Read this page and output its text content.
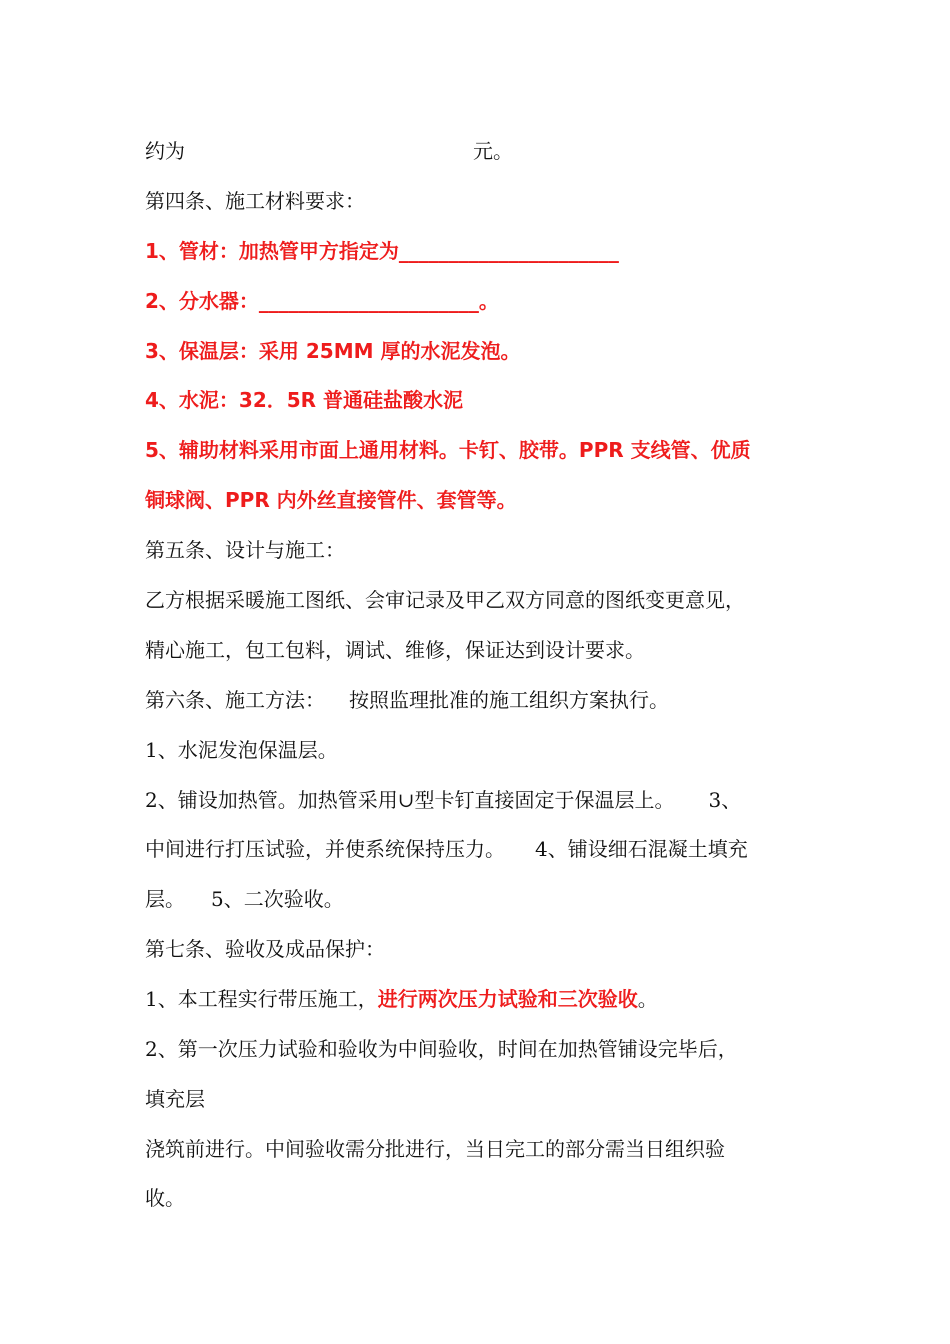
约为	元。
第四条、施工材料要求：
1、管材：加热管甲方指定为______________________
2、分水器：______________________。
3、保温层：采用 25MM 厚的水泥发泡。
4、水泥：32．5R 普通硅盐酸水泥
5、辅助材料采用市面上通用材料。卡钉、胶带。PPR 支线管、优质
铜球阀、PPR 内外丝直接管件、套管等。
第五条、设计与施工：
乙方根据采暖施工图纸、会审记录及甲乙双方同意的图纸变更意见，
精心施工，包工包料，调试、维修，保证达到设计要求。
第六条、施工方法： 按照监理批准的施工组织方案执行。
1、水泥发泡保温层。
2、铺设加热管。加热管采用∪型卡钉直接固定于保温层上。 3、
中间进行打压试验，并使系统保持压力。 4、铺设细石混凝土填充
层。 5、二次验收。
第七条、验收及成品保护：
1、本工程实行带压施工，进行两次压力试验和三次验收。
2、第一次压力试验和验收为中间验收，时间在加热管铺设完毕后，
填充层
浇筑前进行。中间验收需分批进行，当日完工的部分需当日组织验
收。
